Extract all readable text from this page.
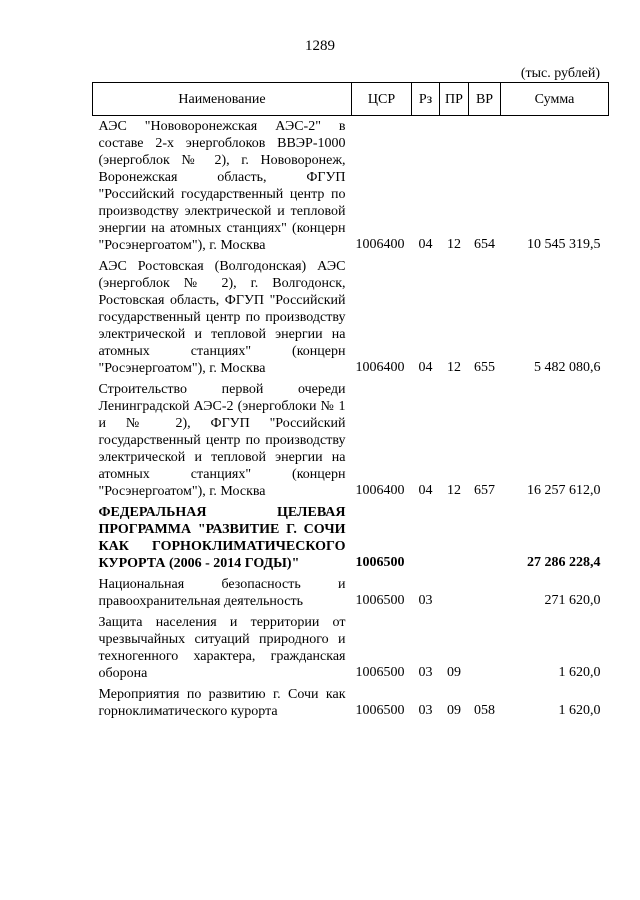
1289
(тыс. рублей)
Наименование	ЦСР	Рз	ПР	ВР	Сумма
АЭС "Нововоронежская АЭС-2" в составе 2-х энергоблоков ВВЭР-1000 (энергоблок № 2), г. Нововоронеж, Воронежская область, ФГУП "Российский государственный центр по производству электрической и тепловой энергии на атомных станциях" (концерн "Росэнергоатом"), г. Москва	1006400	04	12	654	10 545 319,5
АЭС Ростовская (Волгодонская) АЭС (энергоблок № 2), г. Волгодонск, Ростовская область, ФГУП "Российский государственный центр по производству электрической и тепловой энергии на атомных станциях" (концерн "Росэнергоатом"), г. Москва	1006400	04	12	655	5 482 080,6
Строительство первой очереди Ленинградской АЭС-2 (энергоблоки № 1 и № 2), ФГУП "Российский государственный центр по производству электрической и тепловой энергии на атомных станциях" (концерн "Росэнергоатом"), г. Москва	1006400	04	12	657	16 257 612,0
ФЕДЕРАЛЬНАЯ ЦЕЛЕВАЯ ПРОГРАММА "РАЗВИТИЕ Г. СОЧИ КАК ГОРНОКЛИМАТИЧЕСКОГО КУРОРТА (2006 - 2014 ГОДЫ)"	1006500				27 286 228,4
Национальная безопасность и правоохранительная деятельность	1006500	03			271 620,0
Защита населения и территории от чрезвычайных ситуаций природного и техногенного характера, гражданская оборона	1006500	03	09		1 620,0
Мероприятия по развитию г. Сочи как горноклиматического курорта	1006500	03	09	058	1 620,0
